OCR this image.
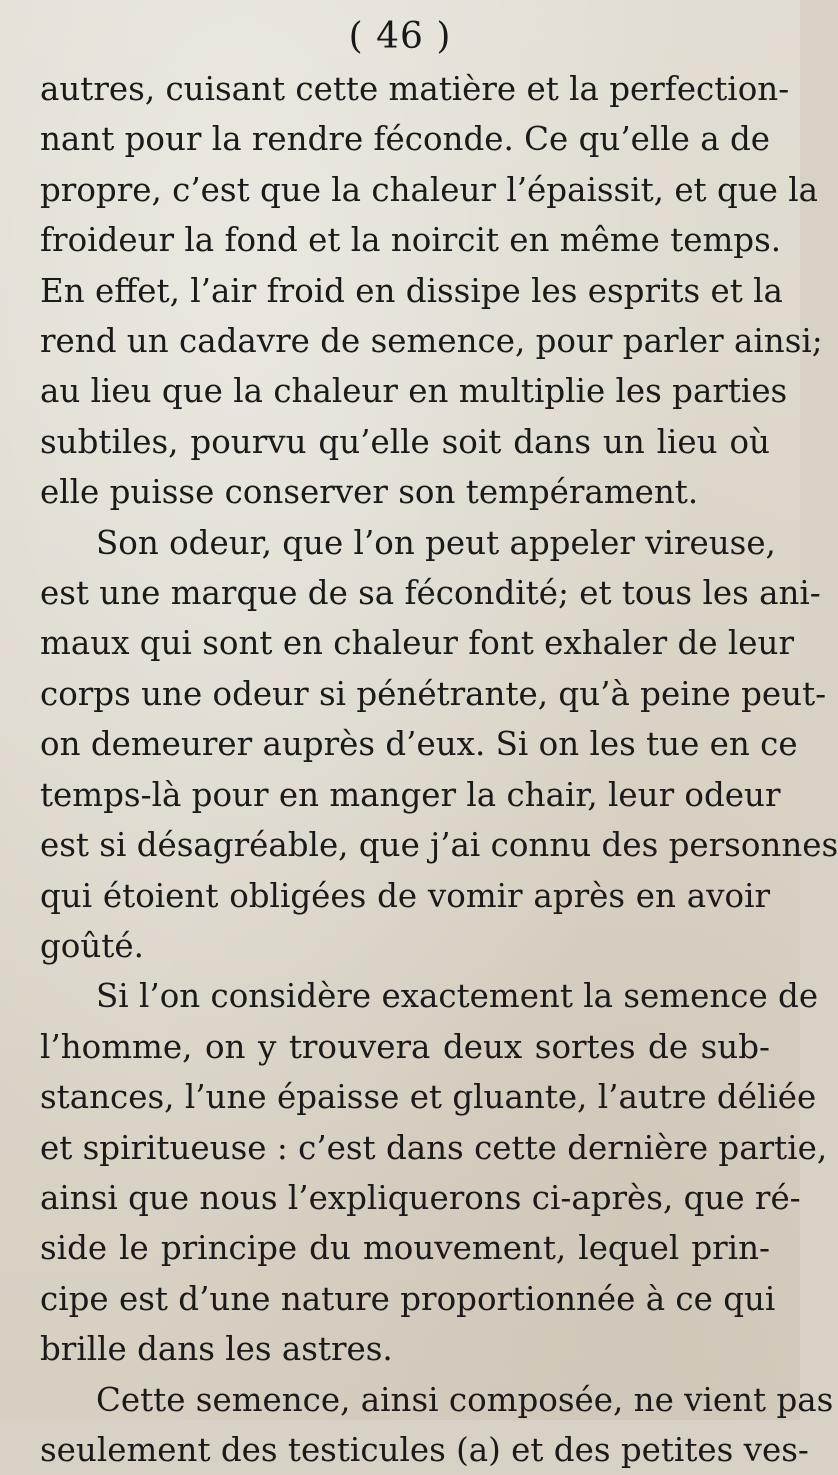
( 46 )

autres, cuisant cette matière et la perfection-
nant pour la rendre féconde. Ce qu’elle a de
propre, c’est que la chaleur l’épaissit, et que la
froideur la fond et la noircit en même temps.
En effet, l’air froid en dissipe les esprits et la
rend un cadavre de semence, pour parler ainsi;
au lieu que la chaleur en multiplie les parties
subtiles, pourvu qu’elle soit dans un lieu où
elle puisse conserver son tempérament.
Son odeur, que l’on peut appeler vireuse,
est une marque de sa fécondité; et tous les ani-
maux qui sont en chaleur font exhaler de leur
corps une odeur si pénétrante, qu’à peine peut-
on demeurer auprès d’eux. Si on les tue en ce
temps-là pour en manger la chair, leur odeur
est si désagréable, que j’ai connu des personnes
qui étoient obligées de vomir après en avoir
goûté.
Si l’on considère exactement la semence de
l’homme, on y trouvera deux sortes de sub-
stances, l’une épaisse et gluante, l’autre déliée
et spiritueuse : c’est dans cette dernière partie,
ainsi que nous l’expliquerons ci-après, que ré-
side le principe du mouvement, lequel prin-
cipe est d’une nature proportionnée à ce qui
brille dans les astres.
Cette semence, ainsi composée, ne vient pas
seulement des testicules (a) et des petites ves-
